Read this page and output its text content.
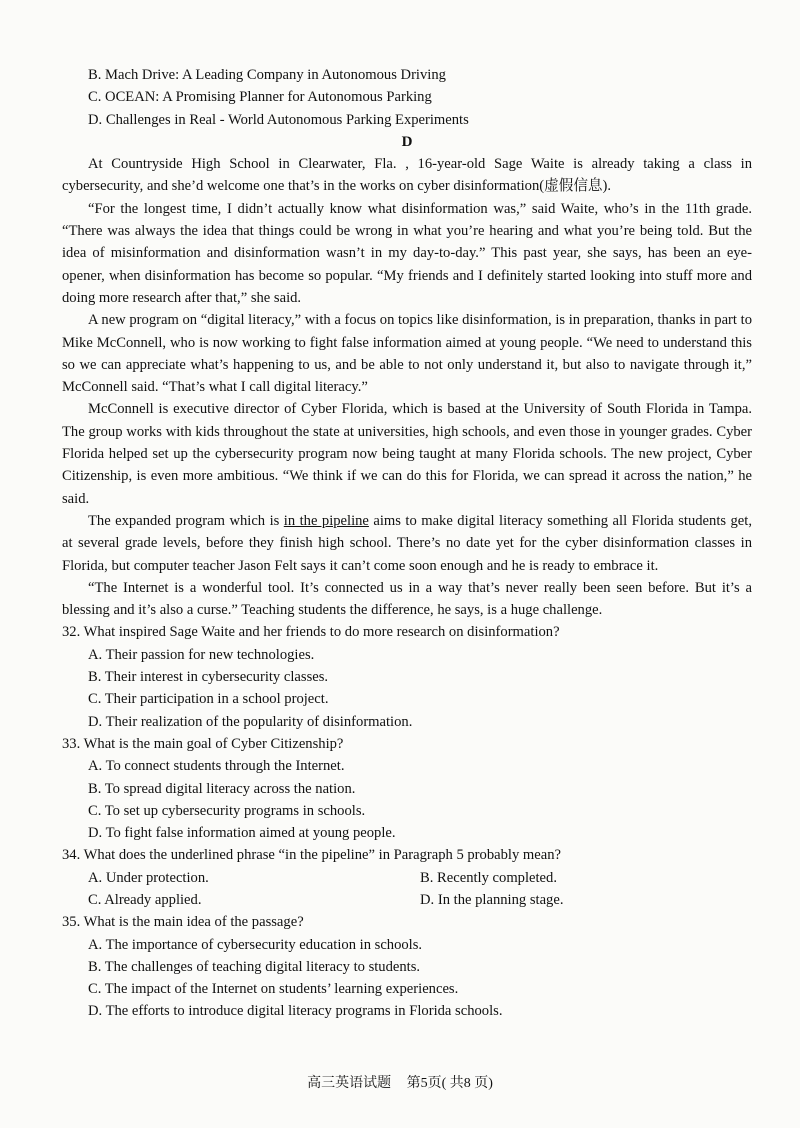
B. Mach Drive: A Leading Company in Autonomous Driving
C. OCEAN: A Promising Planner for Autonomous Parking
D. Challenges in Real - World Autonomous Parking Experiments
D

At Countryside High School in Clearwater, Fla. , 16-year-old Sage Waite is already taking a class in cybersecurity, and she’d welcome one that’s in the works on cyber disinformation(虚假信息).

“For the longest time, I didn’t actually know what disinformation was,” said Waite, who’s in the 11th grade. “There was always the idea that things could be wrong in what you’re hearing and what you’re being told. But the idea of misinformation and disinformation wasn’t in my day-to-day.” This past year, she says, has been an eye-opener, when disinformation has become so popular. “My friends and I definitely started looking into stuff more and doing more research after that,” she said.

A new program on “digital literacy,” with a focus on topics like disinformation, is in preparation, thanks in part to Mike McConnell, who is now working to fight false information aimed at young people. “We need to understand this so we can appreciate what’s happening to us, and be able to not only understand it, but also to navigate through it,” McConnell said. “That’s what I call digital literacy.”

McConnell is executive director of Cyber Florida, which is based at the University of South Florida in Tampa. The group works with kids throughout the state at universities, high schools, and even those in younger grades. Cyber Florida helped set up the cybersecurity program now being taught at many Florida schools. The new project, Cyber Citizenship, is even more ambitious. “We think if we can do this for Florida, we can spread it across the nation,” he said.

The expanded program which is in the pipeline aims to make digital literacy something all Florida students get, at several grade levels, before they finish high school. There’s no date yet for the cyber disinformation classes in Florida, but computer teacher Jason Felt says it can’t come soon enough and he is ready to embrace it.

“The Internet is a wonderful tool. It’s connected us in a way that’s never really been seen before. But it’s a blessing and it’s also a curse.” Teaching students the difference, he says, is a huge challenge.

32. What inspired Sage Waite and her friends to do more research on disinformation?
A. Their passion for new technologies.
B. Their interest in cybersecurity classes.
C. Their participation in a school project.
D. Their realization of the popularity of disinformation.
33. What is the main goal of Cyber Citizenship?
A. To connect students through the Internet.
B. To spread digital literacy across the nation.
C. To set up cybersecurity programs in schools.
D. To fight false information aimed at young people.
34. What does the underlined phrase “in the pipeline” in Paragraph 5 probably mean?
A. Under protection.	B. Recently completed.
C. Already applied.	D. In the planning stage.
35. What is the main idea of the passage?
A. The importance of cybersecurity education in schools.
B. The challenges of teaching digital literacy to students.
C. The impact of the Internet on students’ learning experiences.
D. The efforts to introduce digital literacy programs in Florida schools.
高三英语试题 第5页( 共8 页)
